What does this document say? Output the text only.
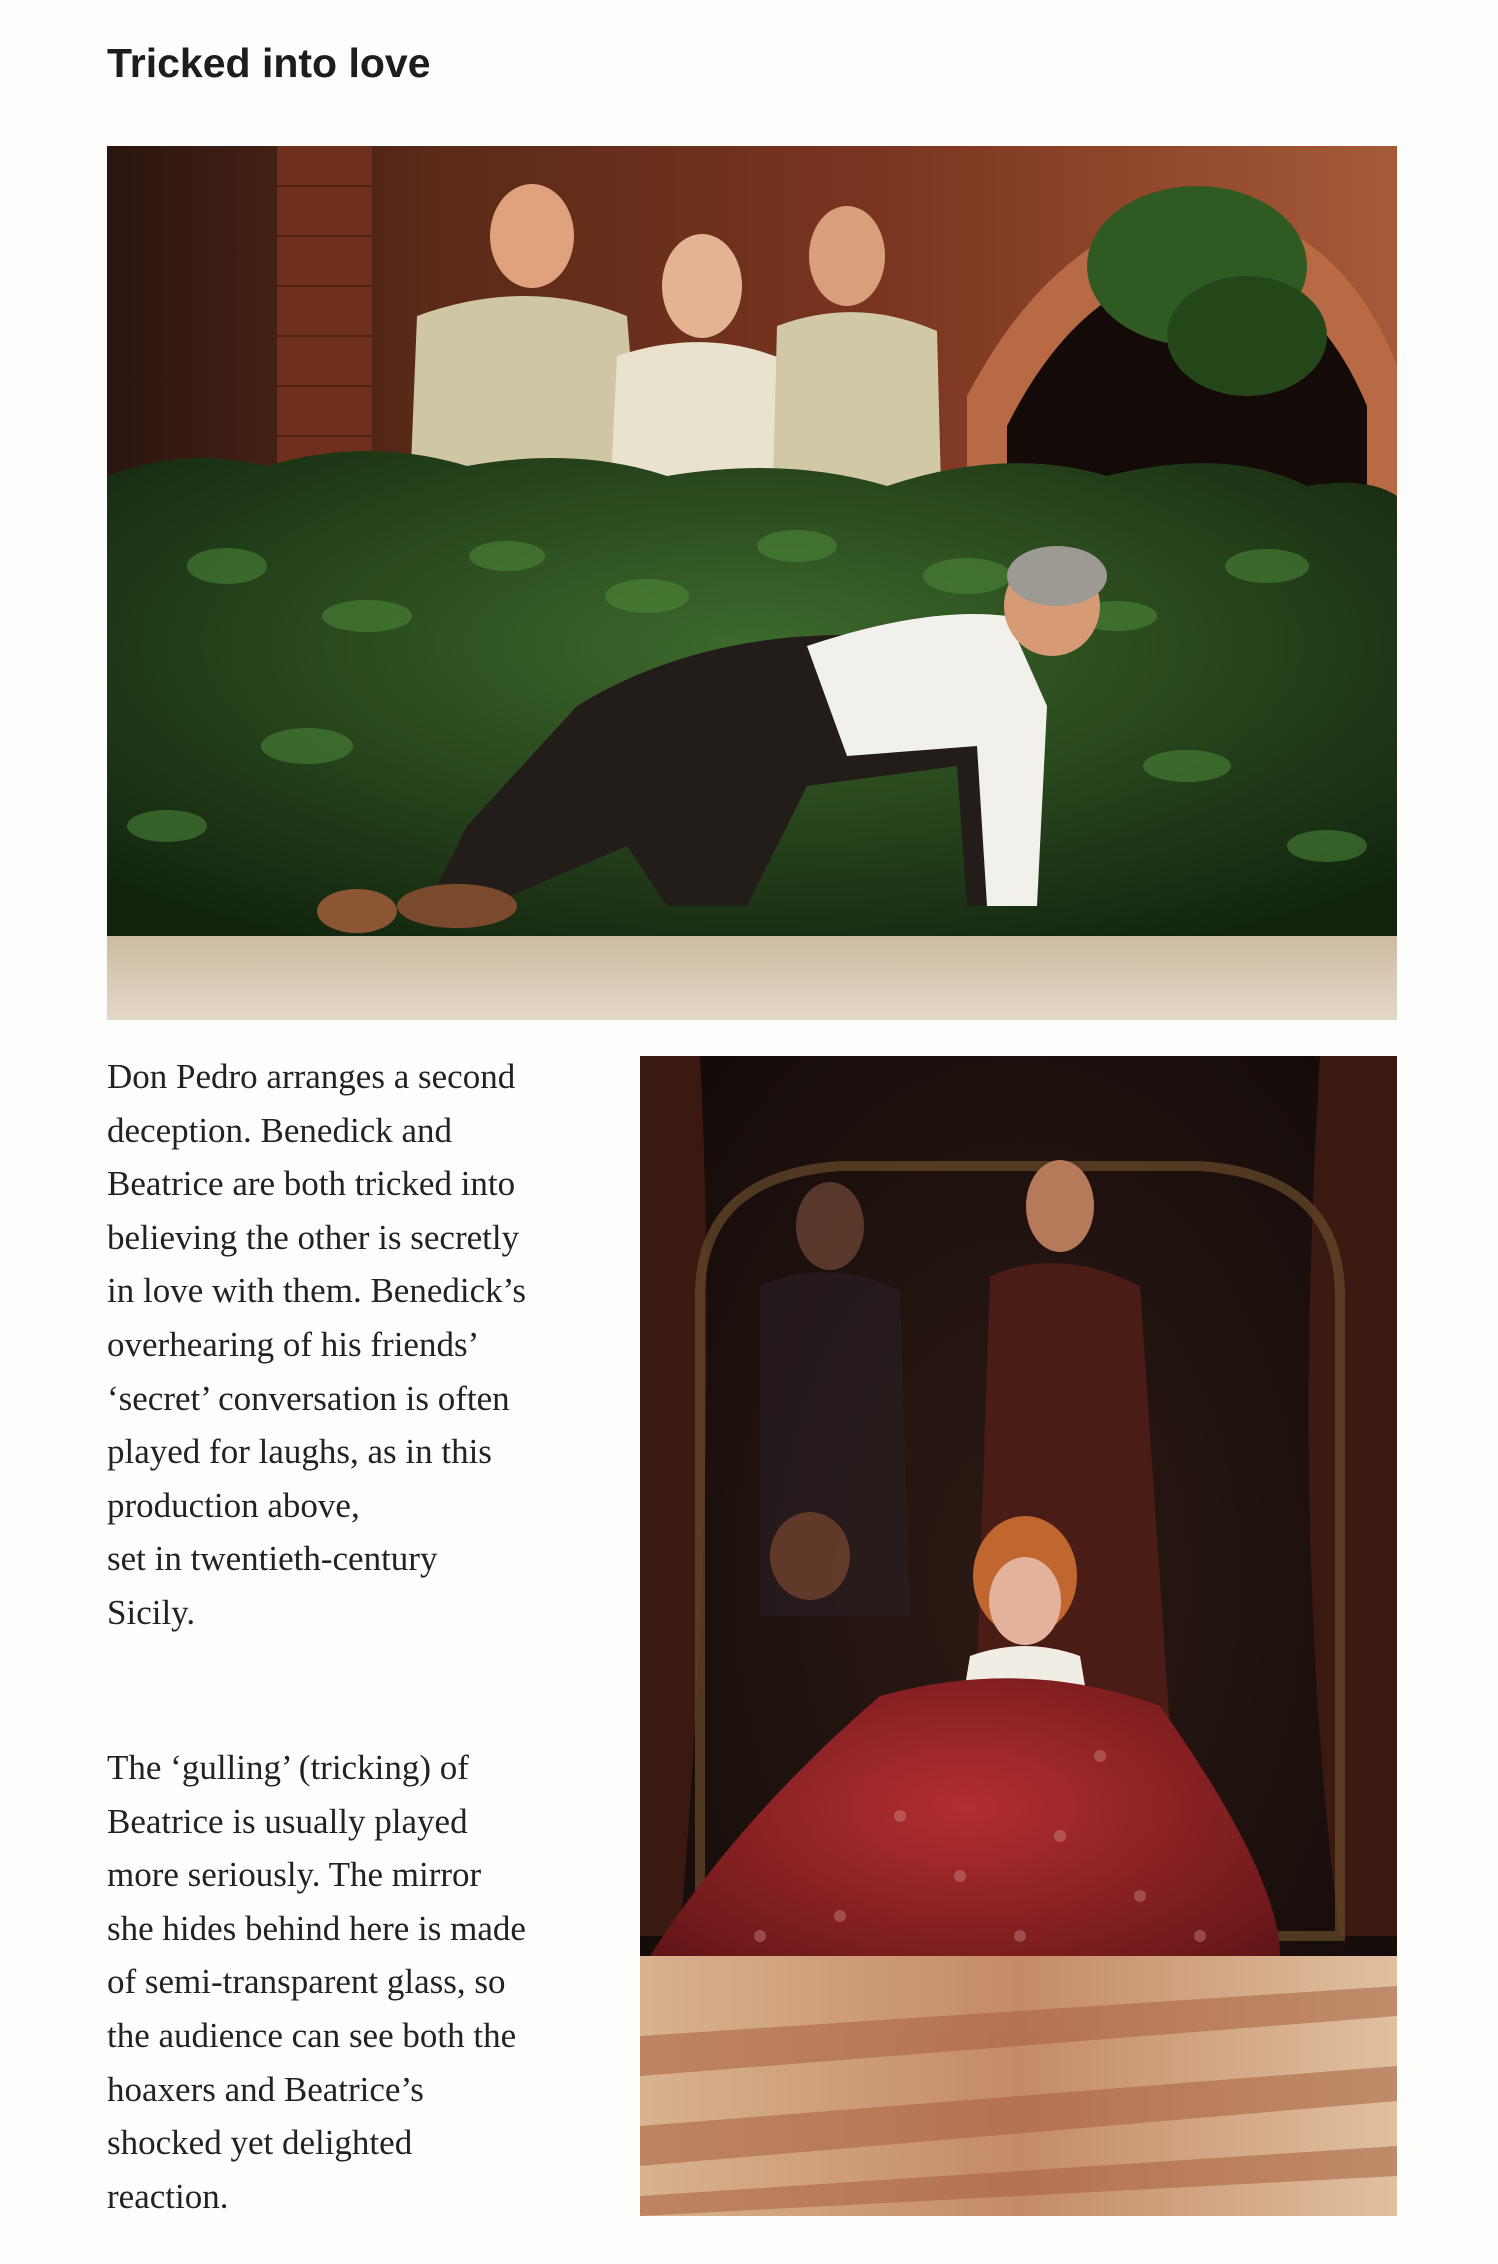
Tricked into love

Don Pedro arranges a second
deception. Benedick and
Beatrice are both tricked into
believing the other is secretly
in love with them. Benedick’s
overhearing of his friends’
‘secret’ conversation is often
played for laughs, as in this
production above,
set in twentieth-century
Sicily.

The ‘gulling’ (tricking) of
Beatrice is usually played
more seriously. The mirror
she hides behind here is made
of semi-transparent glass, so
the audience can see both the
hoaxers and Beatrice’s
shocked yet delighted
reaction.
